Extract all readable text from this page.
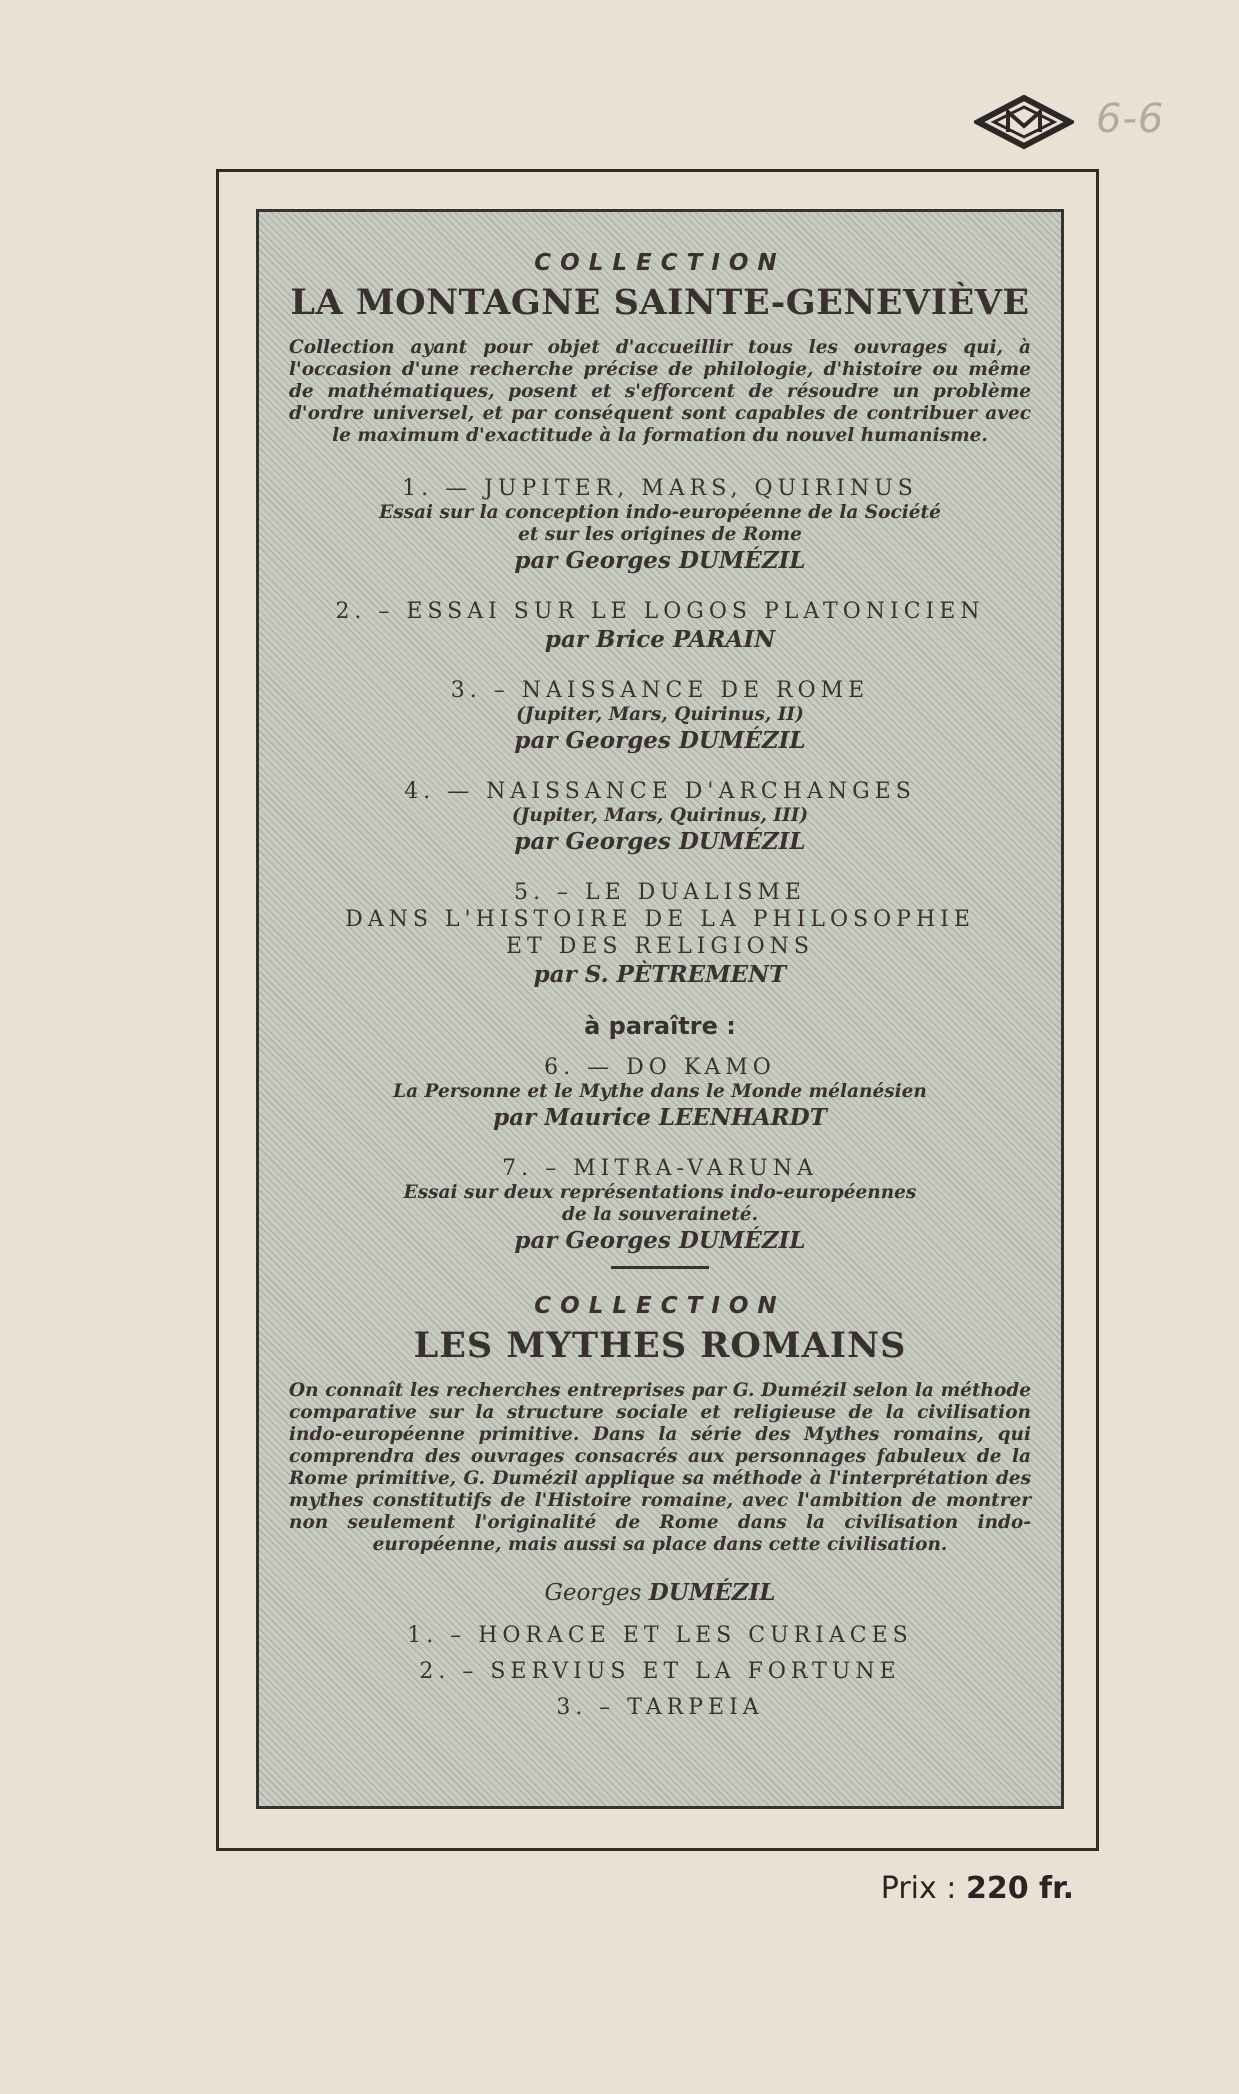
6-6
COLLECTION
LA MONTAGNE SAINTE-GENEVIÈVE
Collection ayant pour objet d'accueillir tous les ouvrages qui, à l'occasion d'une recherche précise de philologie, d'histoire ou même de mathématiques, posent et s'efforcent de résoudre un problème d'ordre universel, et par conséquent sont capables de contribuer avec le maximum d'exactitude à la formation du nouvel humanisme.
1. — JUPITER, MARS, QUIRINUS
Essai sur la conception indo-européenne de la Société
et sur les origines de Rome
par Georges DUMÉZIL
2. – ESSAI SUR LE LOGOS PLATONICIEN
par Brice PARAIN
3. – NAISSANCE DE ROME
(Jupiter, Mars, Quirinus, II)
par Georges DUMÉZIL
4. — NAISSANCE D'ARCHANGES
(Jupiter, Mars, Quirinus, III)
par Georges DUMÉZIL
5. – LE DUALISME
DANS L'HISTOIRE DE LA PHILOSOPHIE
ET DES RELIGIONS
par S. PÈTREMENT
à paraître :
6. — DO KAMO
La Personne et le Mythe dans le Monde mélanésien
par Maurice LEENHARDT
7. – MITRA-VARUNA
Essai sur deux représentations indo-européennes
de la souveraineté.
par Georges DUMÉZIL
COLLECTION
LES MYTHES ROMAINS
On connaît les recherches entreprises par G. Dumézil selon la méthode comparative sur la structure sociale et religieuse de la civilisation indo-européenne primitive. Dans la série des Mythes romains, qui comprendra des ouvrages consacrés aux personnages fabuleux de la Rome primitive, G. Dumézil applique sa méthode à l'interprétation des mythes constitutifs de l'Histoire romaine, avec l'ambition de montrer non seulement l'originalité de Rome dans la civilisation indo-européenne, mais aussi sa place dans cette civilisation.
Georges DUMÉZIL
1. – HORACE ET LES CURIACES
2. – SERVIUS ET LA FORTUNE
3. – TARPEIA
Prix : 220 fr.
